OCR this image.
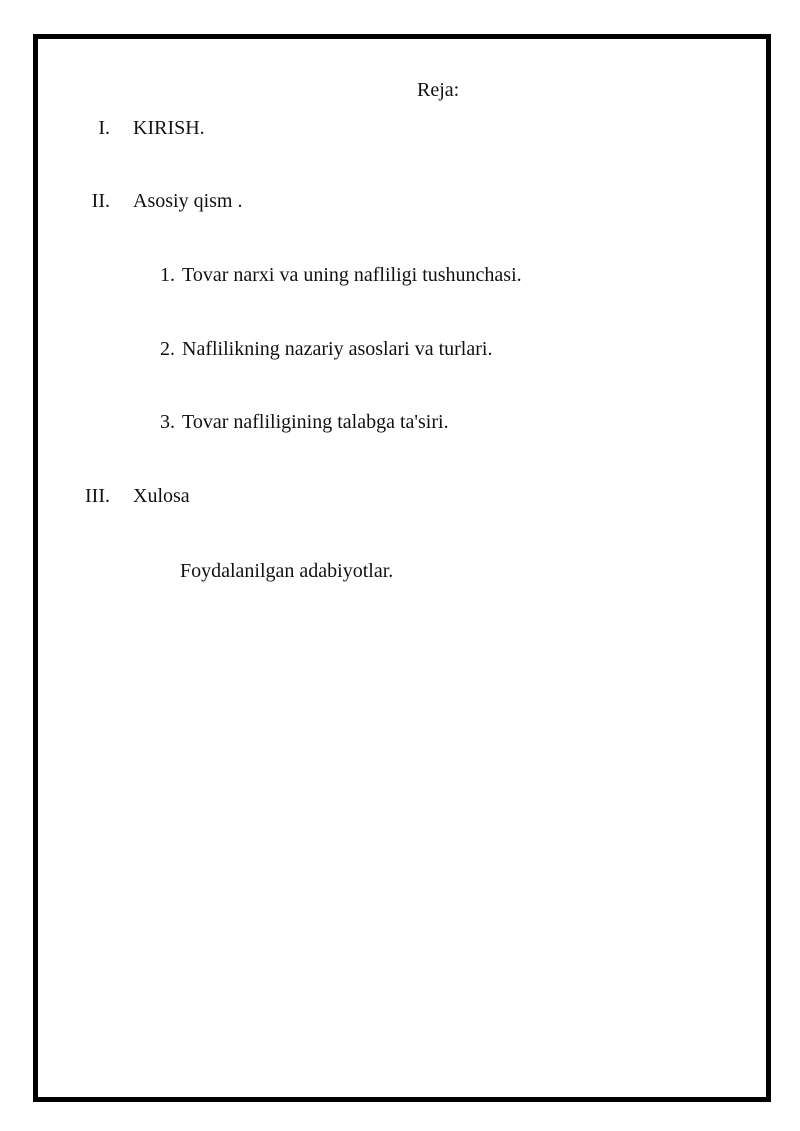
Reja:
I. KIRISH.
II. Asosiy qism .
1. Tovar narxi va uning nafliligi tushunchasi.
2. Naflilikning nazariy asoslari va turlari.
3. Tovar nafliligining talabga ta'siri.
III. Xulosa
Foydalanilgan adabiyotlar.
